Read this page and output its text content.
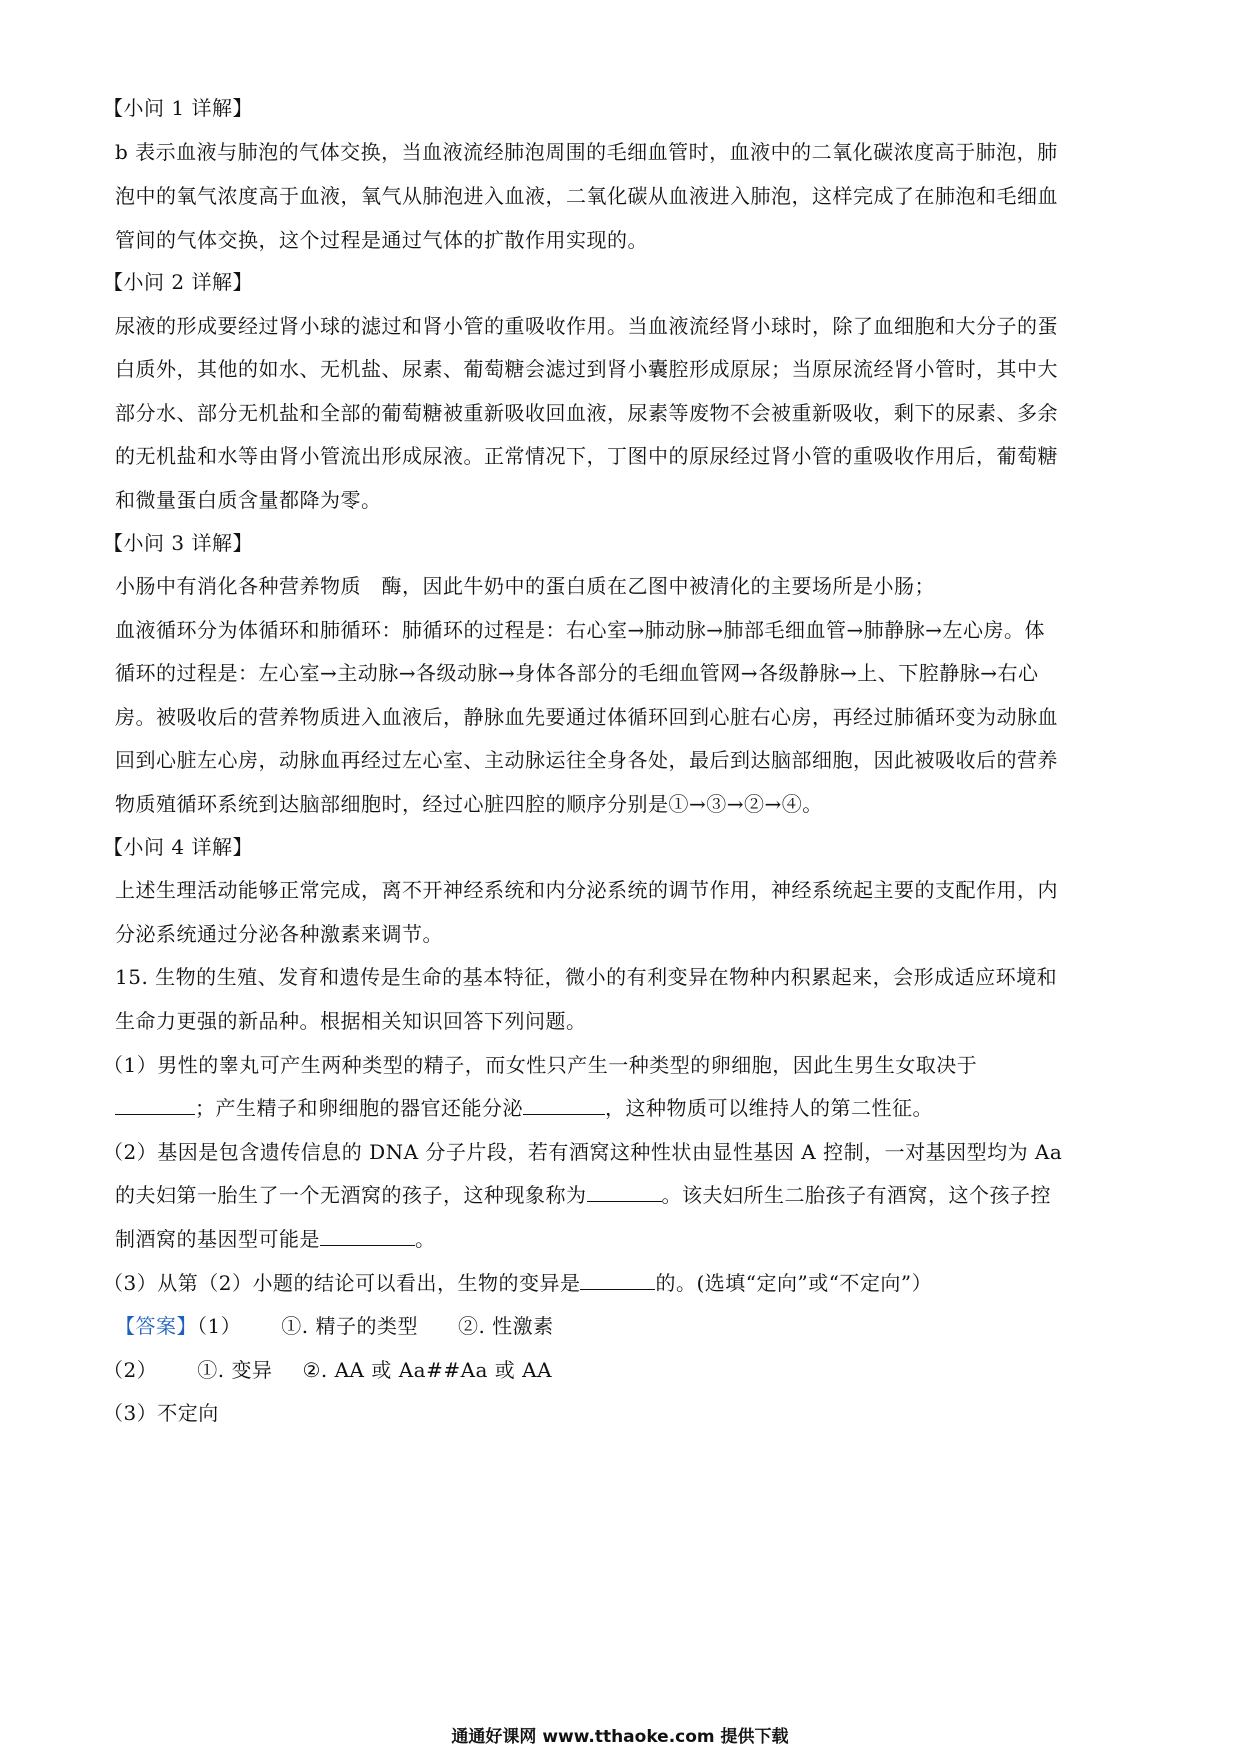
【小问 1 详解】
b 表示血液与肺泡的气体交换，当血液流经肺泡周围的毛细血管时，血液中的二氧化碳浓度高于肺泡，肺
泡中的氧气浓度高于血液，氧气从肺泡进入血液，二氧化碳从血液进入肺泡，这样完成了在肺泡和毛细血
管间的气体交换，这个过程是通过气体的扩散作用实现的。
【小问 2 详解】
尿液的形成要经过肾小球的滤过和肾小管的重吸收作用。当血液流经肾小球时，除了血细胞和大分子的蛋
白质外，其他的如水、无机盐、尿素、葡萄糖会滤过到肾小囊腔形成原尿；当原尿流经肾小管时，其中大
部分水、部分无机盐和全部的葡萄糖被重新吸收回血液，尿素等废物不会被重新吸收，剩下的尿素、多余
的无机盐和水等由肾小管流出形成尿液。正常情况下，丁图中的原尿经过肾小管的重吸收作用后，葡萄糖
和微量蛋白质含量都降为零。
【小问 3 详解】
小肠中有消化各种营养物质　酶，因此牛奶中的蛋白质在乙图中被清化的主要场所是小肠；
血液循环分为体循环和肺循环：肺循环的过程是：右心室→肺动脉→肺部毛细血管→肺静脉→左心房。体
循环的过程是：左心室→主动脉→各级动脉→身体各部分的毛细血管网→各级静脉→上、下腔静脉→右心
房。被吸收后的营养物质进入血液后，静脉血先要通过体循环回到心脏右心房，再经过肺循环变为动脉血
回到心脏左心房，动脉血再经过左心室、主动脉运往全身各处，最后到达脑部细胞，因此被吸收后的营养
物质殖循环系统到达脑部细胞时，经过心脏四腔的顺序分别是①→③→②→④。
【小问 4 详解】
上述生理活动能够正常完成，离不开神经系统和内分泌系统的调节作用，神经系统起主要的支配作用，内
分泌系统通过分泌各种激素来调节。
15. 生物的生殖、发育和遗传是生命的基本特征，微小的有利变异在物种内积累起来，会形成适应环境和
生命力更强的新品种。根据相关知识回答下列问题。
（1）男性的睾丸可产生两种类型的精子，而女性只产生一种类型的卵细胞，因此生男生女取决于
；产生精子和卵细胞的器官还能分泌	，这种物质可以维持人的第二性征。
（2）基因是包含遗传信息的 DNA 分子片段，若有酒窝这种性状由显性基因 A 控制，一对基因型均为 Aa
的夫妇第一胎生了一个无酒窝的孩子，这种现象称为	。该夫妇所生二胎孩子有酒窝，这个孩子控
制酒窝的基因型可能是	。
（3）从第（2）小题的结论可以看出，生物的变异是	的。(选填“定向”或“不定向”）
【答案】（1） ①. 精子的类型 ②. 性激素
（2） ①. 变异 ②. AA 或 Aa##Aa 或 AA
（3）不定向
通通好课网 www.tthaoke.com 提供下载
